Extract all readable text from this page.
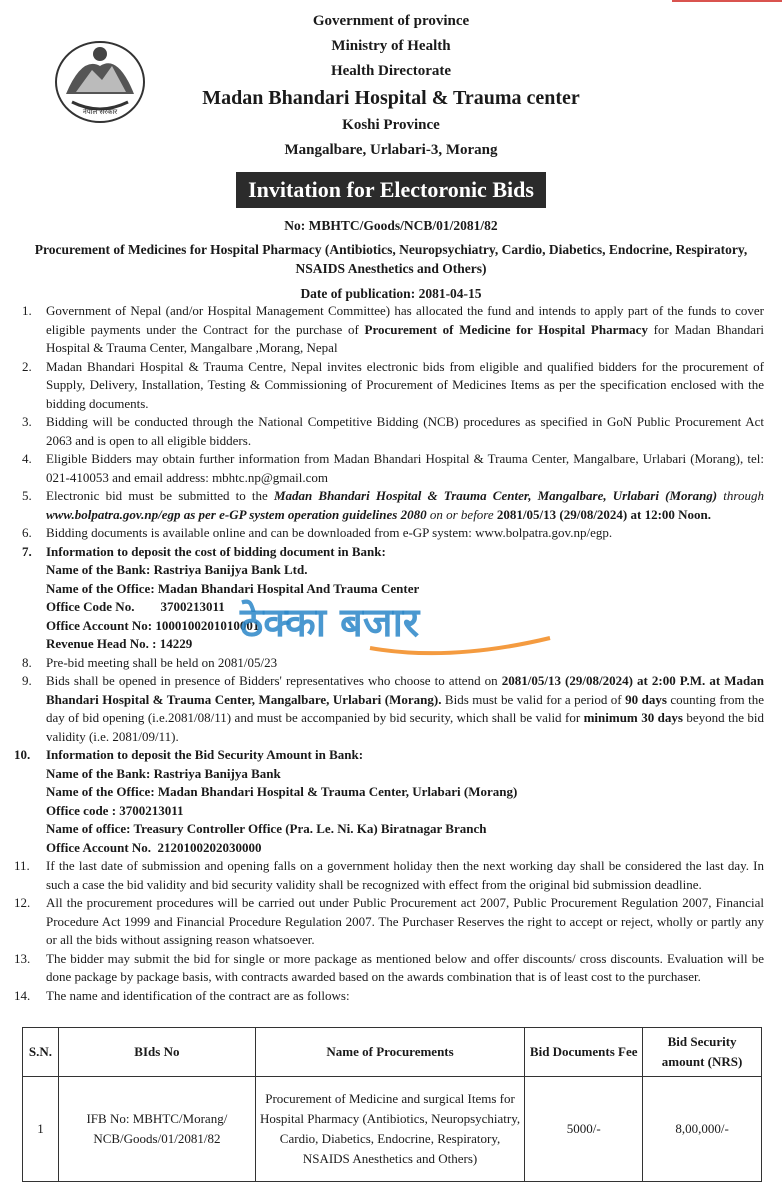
नेपाल सरकार
Government of province
Ministry of Health
Health Directorate
Madan Bhandari Hospital & Trauma center
Koshi Province
Mangalbare, Urlabari-3, Morang
Invitation for Electoronic Bids
No: MBHTC/Goods/NCB/01/2081/82
Procurement of Medicines for Hospital Pharmacy (Antibiotics, Neuropsychiatry, Cardio, Diabetics, Endocrine, Respiratory, NSAIDS Anesthetics and Others)
Date of publication: 2081-04-15
1. Government of Nepal (and/or Hospital Management Committee) has allocated the fund and intends to apply part of the funds to cover eligible payments under the Contract for the purchase of Procurement of Medicine for Hospital Pharmacy for Madan Bhandari Hospital & Trauma Center, Mangalbare ,Morang, Nepal
2. Madan Bhandari Hospital & Trauma Centre, Nepal invites electronic bids from eligible and qualified bidders for the procurement of Supply, Delivery, Installation, Testing & Commissioning of Procurement of Medicines Items as per the specification enclosed with the bidding documents.
3. Bidding will be conducted through the National Competitive Bidding (NCB) procedures as specified in GoN Public Procurement Act 2063 and is open to all eligible bidders.
4. Eligible Bidders may obtain further information from Madan Bhandari Hospital & Trauma Center, Mangalbare, Urlabari (Morang), tel: 021-410053 and email address: mbhtc.np@gmail.com
5. Electronic bid must be submitted to the Madan Bhandari Hospital & Trauma Center, Mangalbare, Urlabari (Morang) through www.bolpatra.gov.np/egp as per e-GP system operation guidelines 2080 on or before 2081/05/13 (29/08/2024) at 12:00 Noon.
6. Bidding documents is available online and can be downloaded from e-GP system: www.bolpatra.gov.np/egp.
7. Information to deposit the cost of bidding document in Bank:
Name of the Bank: Rastriya Banijya Bank Ltd.
Name of the Office: Madan Bhandari Hospital And Trauma Center
Office Code No.        3700213011
Office Account No: 1000100201010001
Revenue Head No. : 14229
8. Pre-bid meeting shall be held on 2081/05/23
9. Bids shall be opened in presence of Bidders' representatives who choose to attend on 2081/05/13 (29/08/2024) at 2:00 P.M. at Madan Bhandari Hospital & Trauma Center, Mangalbare, Urlabari (Morang). Bids must be valid for a period of 90 days counting from the day of bid opening (i.e.2081/08/11) and must be accompanied by bid security, which shall be valid for minimum 30 days beyond the bid validity (i.e. 2081/09/11).
10. Information to deposit the Bid Security Amount in Bank:
Name of the Bank: Rastriya Banijya Bank
Name of the Office: Madan Bhandari Hospital & Trauma Center, Urlabari (Morang)
Office code : 3700213011
Name of office: Treasury Controller Office (Pra. Le. Ni. Ka) Biratnagar Branch
Office Account No.  2120100202030000
11. If the last date of submission and opening falls on a government holiday then the next working day shall be considered the last day. In such a case the bid validity and bid security validity shall be recognized with effect from the original bid submission deadline.
12. All the procurement procedures will be carried out under Public Procurement act 2007, Public Procurement Regulation 2007, Financial Procedure Act 1999 and Financial Procedure Regulation 2007. The Purchaser Reserves the right to accept or reject, wholly or partly any or all the bids without assigning reason whatsoever.
13. The bidder may submit the bid for single or more package as mentioned below and offer discounts/ cross discounts. Evaluation will be done package by package basis, with contracts awarded based on the awards combination that is of least cost to the purchaser.
14. The name and identification of the contract are as follows:
ठेक्का बजार
S.N.	BIds No	Name of Procurements	Bid Documents Fee	Bid Security amount (NRS)
1	IFB No: MBHTC/Morang/ NCB/Goods/01/2081/82	Procurement of Medicine and surgical Items for Hospital Pharmacy (Antibiotics, Neuropsychiatry, Cardio, Diabetics, Endocrine, Respiratory, NSAIDS Anesthetics and Others)	5000/-	8,00,000/-
